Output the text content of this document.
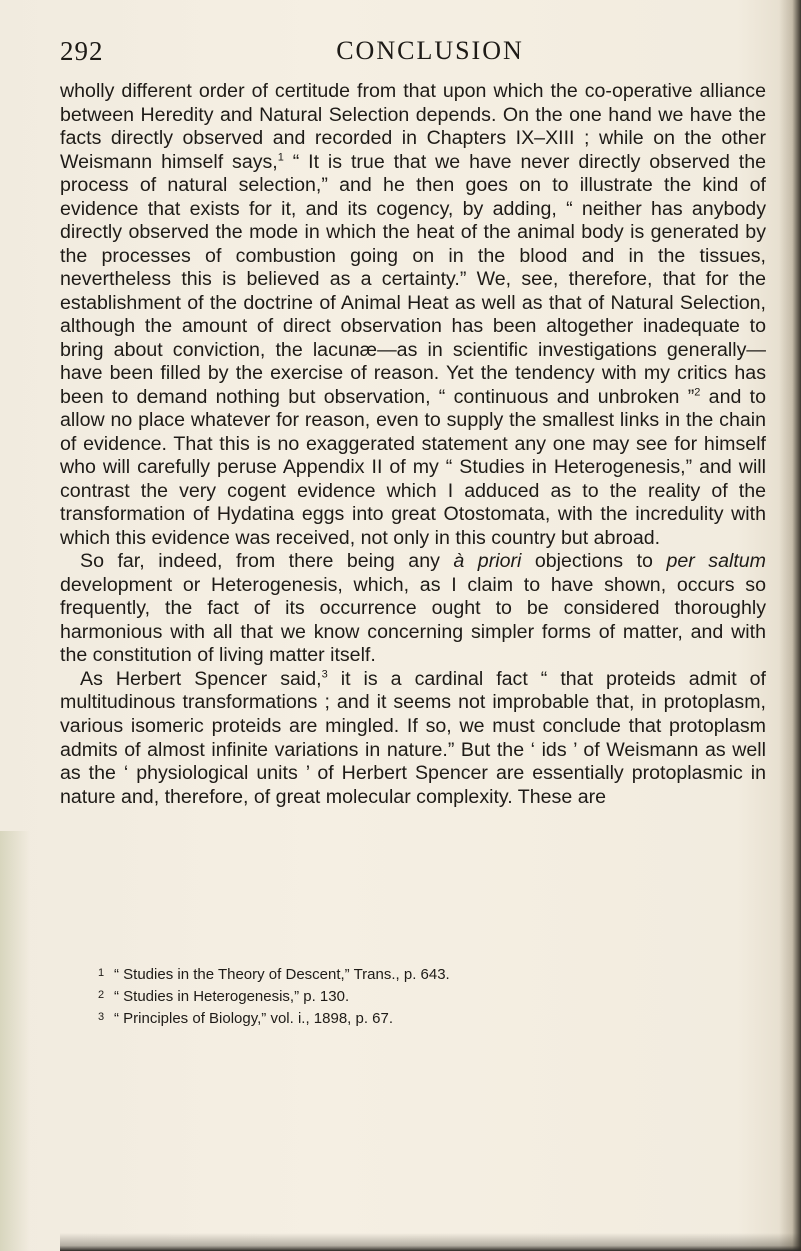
292	CONCLUSION

wholly different order of certitude from that upon which the co-operative alliance between Heredity and Natural Selection depends. On the one hand we have the facts directly observed and recorded in Chapters IX–XIII ; while on the other Weismann himself says,$^1$ “ It is true that we have never directly observed the process of natural selection,” and he then goes on to illustrate the kind of evidence that exists for it, and its cogency, by adding, “ neither has anybody directly observed the mode in which the heat of the animal body is generated by the processes of combustion going on in the blood and in the tissues, nevertheless this is believed as a certainty.” We, see, therefore, that for the establishment of the doctrine of Animal Heat as well as that of Natural Selection, although the amount of direct observation has been altogether inadequate to bring about conviction, the lacunæ—as in scientific investigations generally—have been filled by the exercise of reason. Yet the tendency with my critics has been to demand nothing but observation, “ continuous and unbroken ”$^2$ and to allow no place whatever for reason, even to supply the smallest links in the chain of evidence. That this is no exaggerated statement any one may see for himself who will carefully peruse Appendix II of my “ Studies in Heterogenesis,” and will contrast the very cogent evidence which I adduced as to the reality of the transformation of Hydatina eggs into great Otostomata, with the incredulity with which this evidence was received, not only in this country but abroad.

So far, indeed, from there being any à priori objections to per saltum development or Heterogenesis, which, as I claim to have shown, occurs so frequently, the fact of its occurrence ought to be considered thoroughly harmonious with all that we know concerning simpler forms of matter, and with the constitution of living matter itself.

As Herbert Spencer said,$^3$ it is a cardinal fact “ that proteids admit of multitudinous transformations ; and it seems not improbable that, in protoplasm, various isomeric proteids are mingled. If so, we must conclude that protoplasm admits of almost infinite variations in nature.” But the ‘ ids ’ of Weismann as well as the ‘ physiological units ’ of Herbert Spencer are essentially protoplasmic in nature and, therefore, of great molecular complexity. These are

1 “ Studies in the Theory of Descent,” Trans., p. 643.
2 “ Studies in Heterogenesis,” p. 130.
3 “ Principles of Biology,” vol. i., 1898, p. 67.
